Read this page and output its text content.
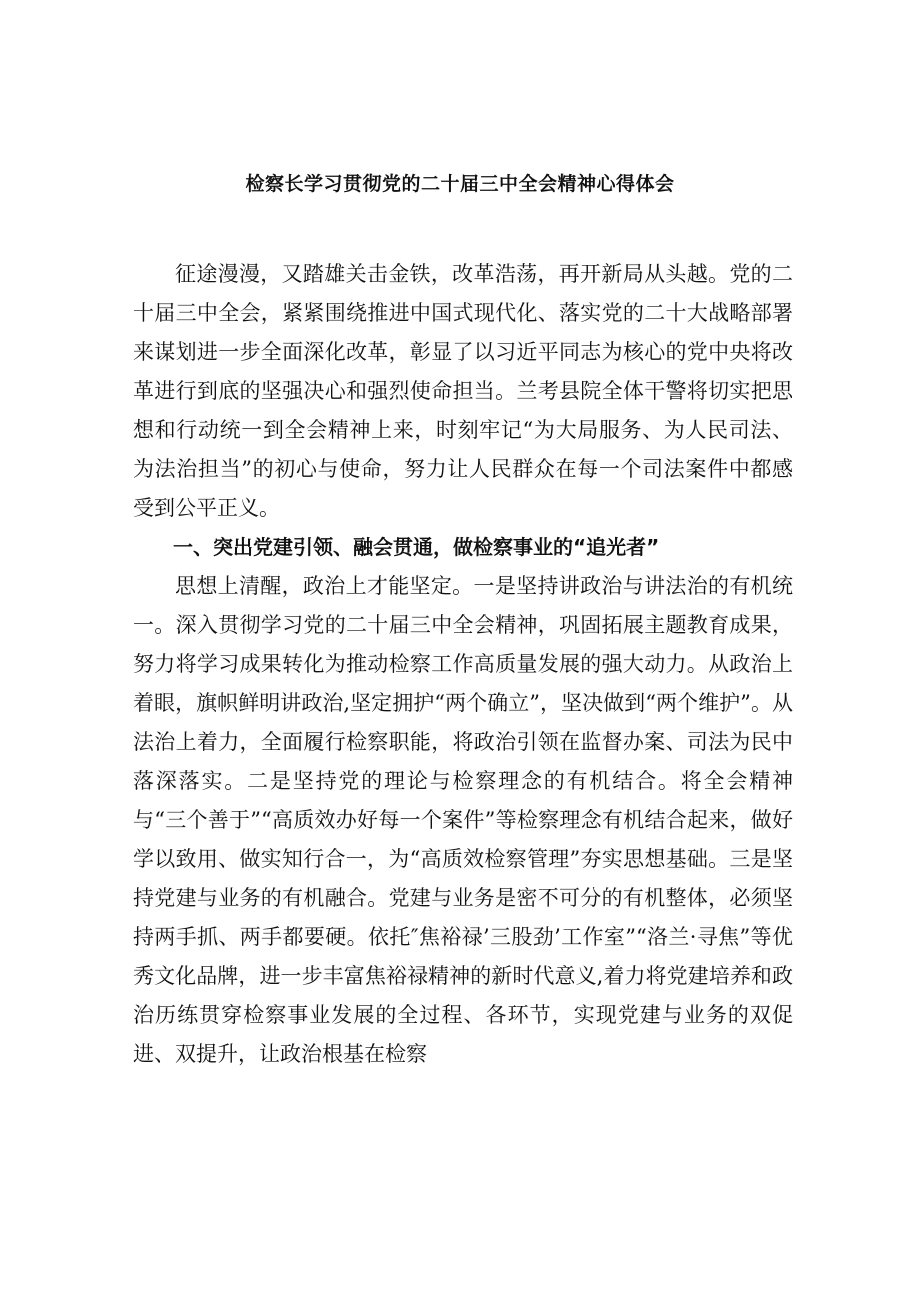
检察长学习贯彻党的二十届三中全会精神心得体会

征途漫漫，又踏雄关击金铁，改革浩荡，再开新局从头越。党的二十届三中全会，紧紧围绕推进中国式现代化、落实党的二十大战略部署来谋划进一步全面深化改革，彰显了以习近平同志为核心的党中央将改革进行到底的坚强决心和强烈使命担当。兰考县院全体干警将切实把思想和行动统一到全会精神上来，时刻牢记“为大局服务、为人民司法、为法治担当”的初心与使命，努力让人民群众在每一个司法案件中都感受到公平正义。

一、突出党建引领、融会贯通，做检察事业的“追光者”

思想上清醒，政治上才能坚定。一是坚持讲政治与讲法治的有机统一。深入贯彻学习党的二十届三中全会精神，巩固拓展主题教育成果，努力将学习成果转化为推动检察工作高质量发展的强大动力。从政治上着眼，旗帜鲜明讲政治,坚定拥护“两个确立”，坚决做到“两个维护”。从法治上着力，全面履行检察职能，将政治引领在监督办案、司法为民中落深落实。二是坚持党的理论与检察理念的有机结合。将全会精神与“三个善于”“高质效办好每一个案件”等检察理念有机结合起来，做好学以致用、做实知行合一，为“高质效检察管理”夯实思想基础。三是坚持党建与业务的有机融合。党建与业务是密不可分的有机整体，必须坚持两手抓、两手都要硬。依托″焦裕禄’三股劲’工作室”“洛兰·寻焦”等优秀文化品牌，进一步丰富焦裕禄精神的新时代意义,着力将党建培养和政治历练贯穿检察事业发展的全过程、各环节，实现党建与业务的双促进、双提升，让政治根基在检察
